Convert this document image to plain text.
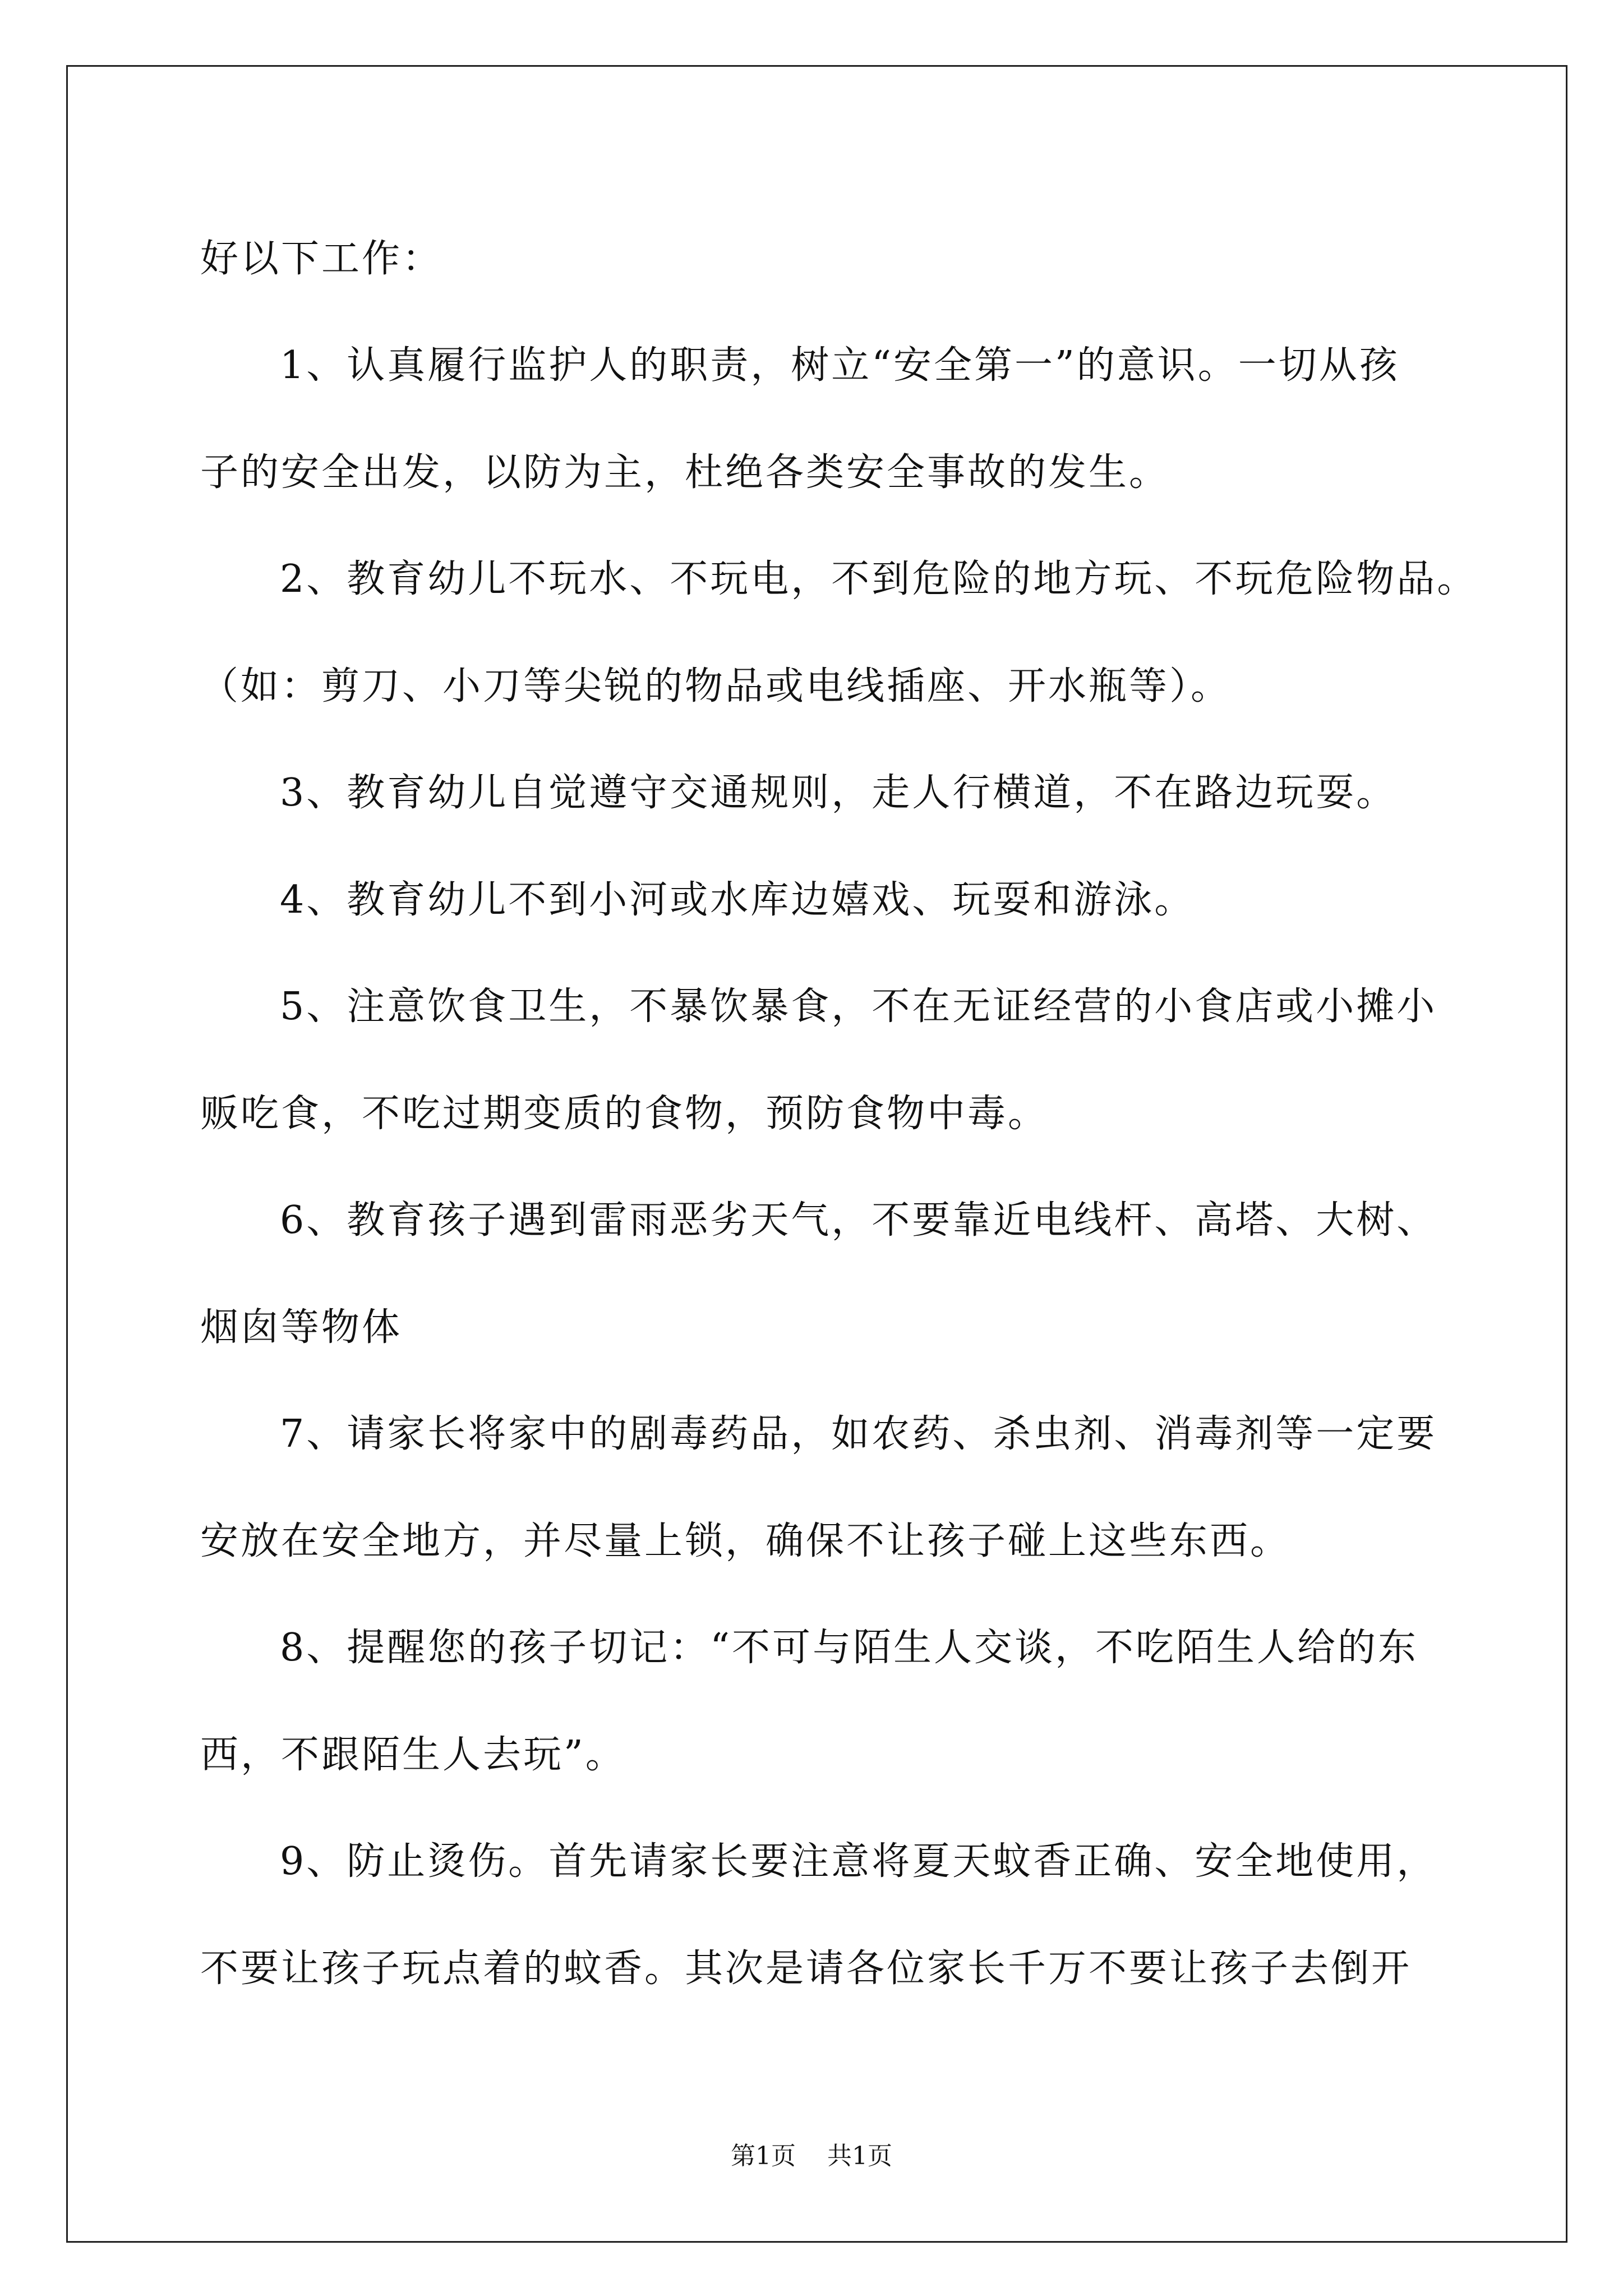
好以下工作：
1、认真履行监护人的职责，树立“安全第一”的意识。一切从孩
子的安全出发，以防为主，杜绝各类安全事故的发生。
2、教育幼儿不玩水、不玩电，不到危险的地方玩、不玩危险物品。
（如：剪刀、小刀等尖锐的物品或电线插座、开水瓶等）。
3、教育幼儿自觉遵守交通规则，走人行横道，不在路边玩耍。
4、教育幼儿不到小河或水库边嬉戏、玩耍和游泳。
5、注意饮食卫生，不暴饮暴食，不在无证经营的小食店或小摊小
贩吃食，不吃过期变质的食物，预防食物中毒。
6、教育孩子遇到雷雨恶劣天气，不要靠近电线杆、高塔、大树、
烟囱等物体
7、请家长将家中的剧毒药品，如农药、杀虫剂、消毒剂等一定要
安放在安全地方，并尽量上锁，确保不让孩子碰上这些东西。
8、提醒您的孩子切记：“不可与陌生人交谈，不吃陌生人给的东
西，不跟陌生人去玩”。
9、防止烫伤。首先请家长要注意将夏天蚊香正确、安全地使用，
不要让孩子玩点着的蚊香。其次是请各位家长千万不要让孩子去倒开
第1页 共1页
